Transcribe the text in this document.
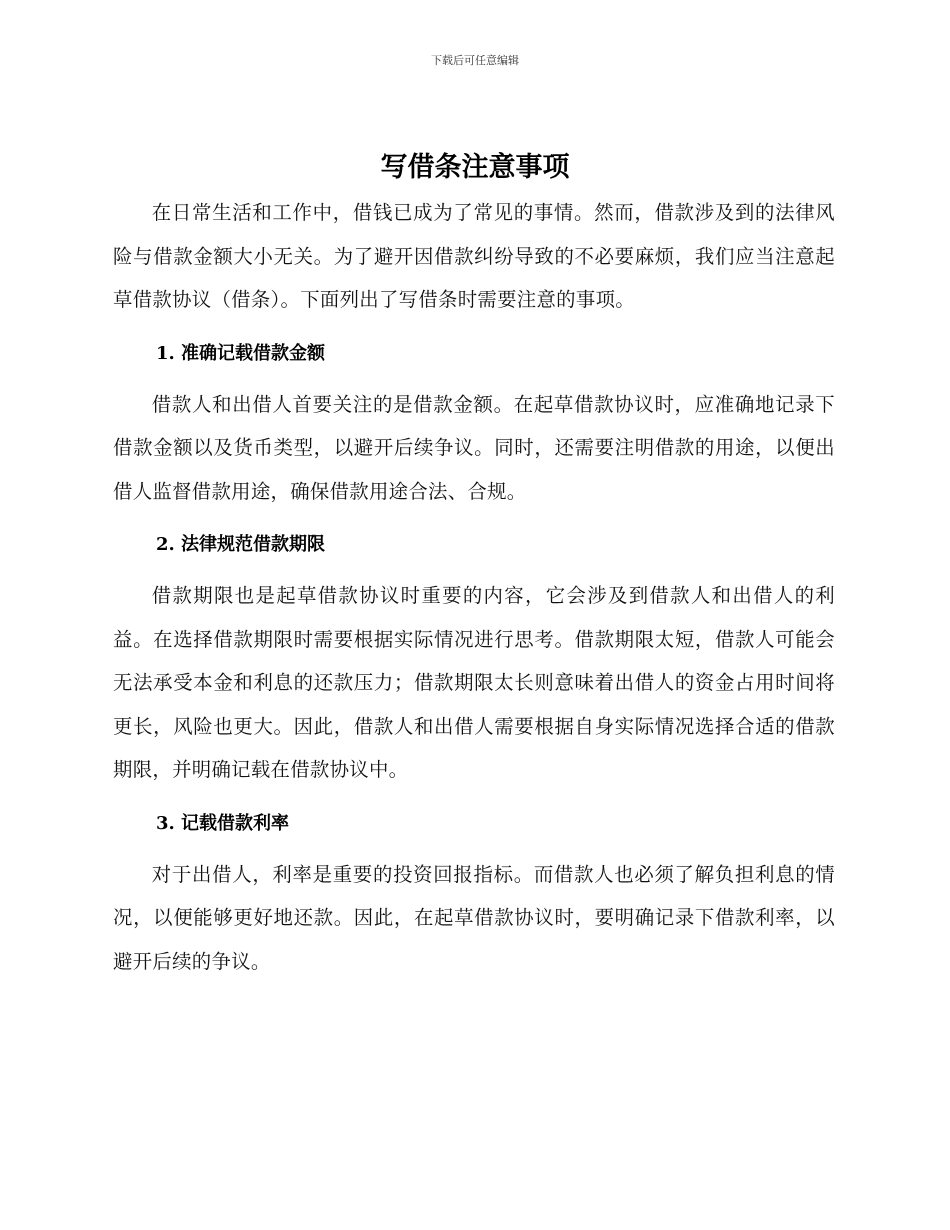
下载后可任意编辑
写借条注意事项

在日常生活和工作中，借钱已成为了常见的事情。然而，借款涉及到的法律风险与借款金额大小无关。为了避开因借款纠纷导致的不必要麻烦，我们应当注意起草借款协议（借条）。下面列出了写借条时需要注意的事项。

1. 准确记载借款金额

借款人和出借人首要关注的是借款金额。在起草借款协议时，应准确地记录下借款金额以及货币类型，以避开后续争议。同时，还需要注明借款的用途，以便出借人监督借款用途，确保借款用途合法、合规。

2. 法律规范借款期限

借款期限也是起草借款协议时重要的内容，它会涉及到借款人和出借人的利益。在选择借款期限时需要根据实际情况进行思考。借款期限太短，借款人可能会无法承受本金和利息的还款压力；借款期限太长则意味着出借人的资金占用时间将更长，风险也更大。因此，借款人和出借人需要根据自身实际情况选择合适的借款期限，并明确记载在借款协议中。

3. 记载借款利率

对于出借人，利率是重要的投资回报指标。而借款人也必须了解负担利息的情况，以便能够更好地还款。因此，在起草借款协议时，要明确记录下借款利率，以避开后续的争议。
